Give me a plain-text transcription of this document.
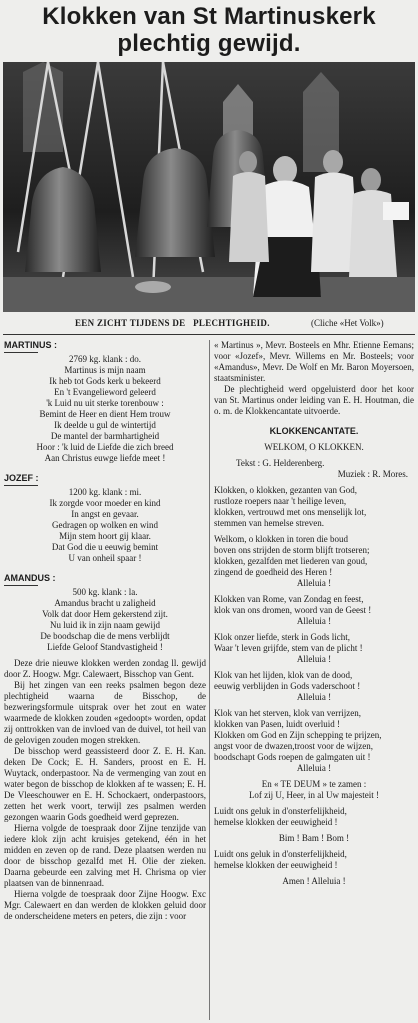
Klokken van St Martinuskerk
plechtig gewijd.
EEN ZICHT TIJDENS DE   PLECHTIGHEID.	(Cliche «Het Volk»)

MARTINUS :

2769 kg. klank : do.
Martinus is mijn naam
Ik heb tot Gods kerk u bekeerd
En 't Evangelieword geleerd
'k Luid nu uit sterke torenbouw :
Bemint de Heer en dient Hem trouw
Ik deelde u gul de wintertijd
De mantel der barmhartigheid
Hoor : 'k luid de Liefde die zich breed
Aan Christus euwge liefde meet !

JOZEF :

1200 kg. klank : mi.
Ik zorgde voor moeder en kind
In angst en gevaar.
Gedragen op wolken en wind
Mijn stem hoort gij klaar.
Dat God die u eeuwig bemint
U van onheil spaar !

AMANDUS :

500 kg. klank : la.
Amandus bracht u zaligheid
Volk dat door Hem gekerstend zijt.
Nu luid ik in zijn naam gewijd
De boodschap die de mens verblijdt
Liefde Geloof Standvastigheid !

Deze drie nieuwe klokken werden zondag ll. gewijd door Z. Hoogw. Mgr. Calewaert, Bisschop van Gent.

Bij het zingen van een reeks psalmen begon deze plechtigheid waarna de Bisschop, de bezweringsformule uitsprak over het zout en water waarmede de klokken zouden «gedoopt» worden, opdat zij onttrokken van de invloed van de duivel, tot heil van de gelovigen zouden mogen strekken.

De bisschop werd geassisteerd door Z. E. H. Kan. deken De Cock; E. H. Sanders, proost en E. H. Wuytack, onderpastoor. Na de vermenging van zout en water begon de bisschop de klokken af te wassen; E. H. De Vleeschouwer en E. H. Schockaert, onderpastoors, zetten het werk voort, terwijl zes psalmen werden gezongen waarin Gods goedheid werd geprezen.

Hierna volgde de toespraak door Zijne tenzijde van iedere klok zijn acht kruisjes getekend, één in het midden en zeven op de rand. Deze plaatsen werden nu door de bisschop gezalfd met H. Olie der zieken. Daarna gebeurde een zalving met H. Chrisma op vier plaatsen van de binnenraad.

Hierna volgde de toespraak door Zijne Hoogw. Exc Mgr. Calewaert en dan werden de klokken geluid door de onderscheidene meters en peters, die zijn : voor

« Martinus », Mevr. Bosteels en Mhr. Etienne Eemans; voor «Jozef», Mevr. Willems en Mr. Bosteels; voor «Amandus», Mevr. De Wolf en Mr. Baron Moyersoen, staatsminister.

De plechtigheid werd opgeluisterd door het koor van St. Martinus onder leiding van E. H. Houtman, die o. m. de Klokkencantate uitvoerde.

KLOKKENCANTATE.

WELKOM, O KLOKKEN.

Tekst : G. Helderenberg.
Muziek : R. Mores.
Klokken, o klokken, gezanten van God,
rustloze roepers naar 't heilige leven,
klokken, vertrouwd met ons menselijk lot,
stemmen van hemelse streven.
Welkom, o klokken in toren die boud
boven ons strijden de storm blijft trotseren;
klokken, gezalfden met liederen van goud,
zingend de goedheid des Heren !
Alleluia !
Klokken van Rome, van Zondag en feest,
klok van ons dromen, woord van de Geest !
Alleluia !
Klok onzer liefde, sterk in Gods licht,
Waar 't leven grijfde, stem van de plicht !
Alleluia !
Klok van het lijden, klok van de dood,
eeuwig verblijden in Gods vaderschoot !
Alleluia !
Klok van het sterven, klok van verrijzen,
klokken van Pasen, luidt overluid !
Klokken om God en Zijn schepping te prijzen,
angst voor de dwazen,troost voor de wijzen,
boodschapt Gods roepen de galmgaten uit !
Alleluia !
En « TE DEUM » te zamen :
Lof zij U, Heer, in al Uw majesteit !
Luidt ons geluk in d'onsterfelijkheid,
hemelse klokken der eeuwigheid !

Bim ! Bam ! Bom !

Luidt ons geluk in d'onsterfelijkheid,
hemelse klokken der eeuwigheid !

Amen ! Alleluia !
